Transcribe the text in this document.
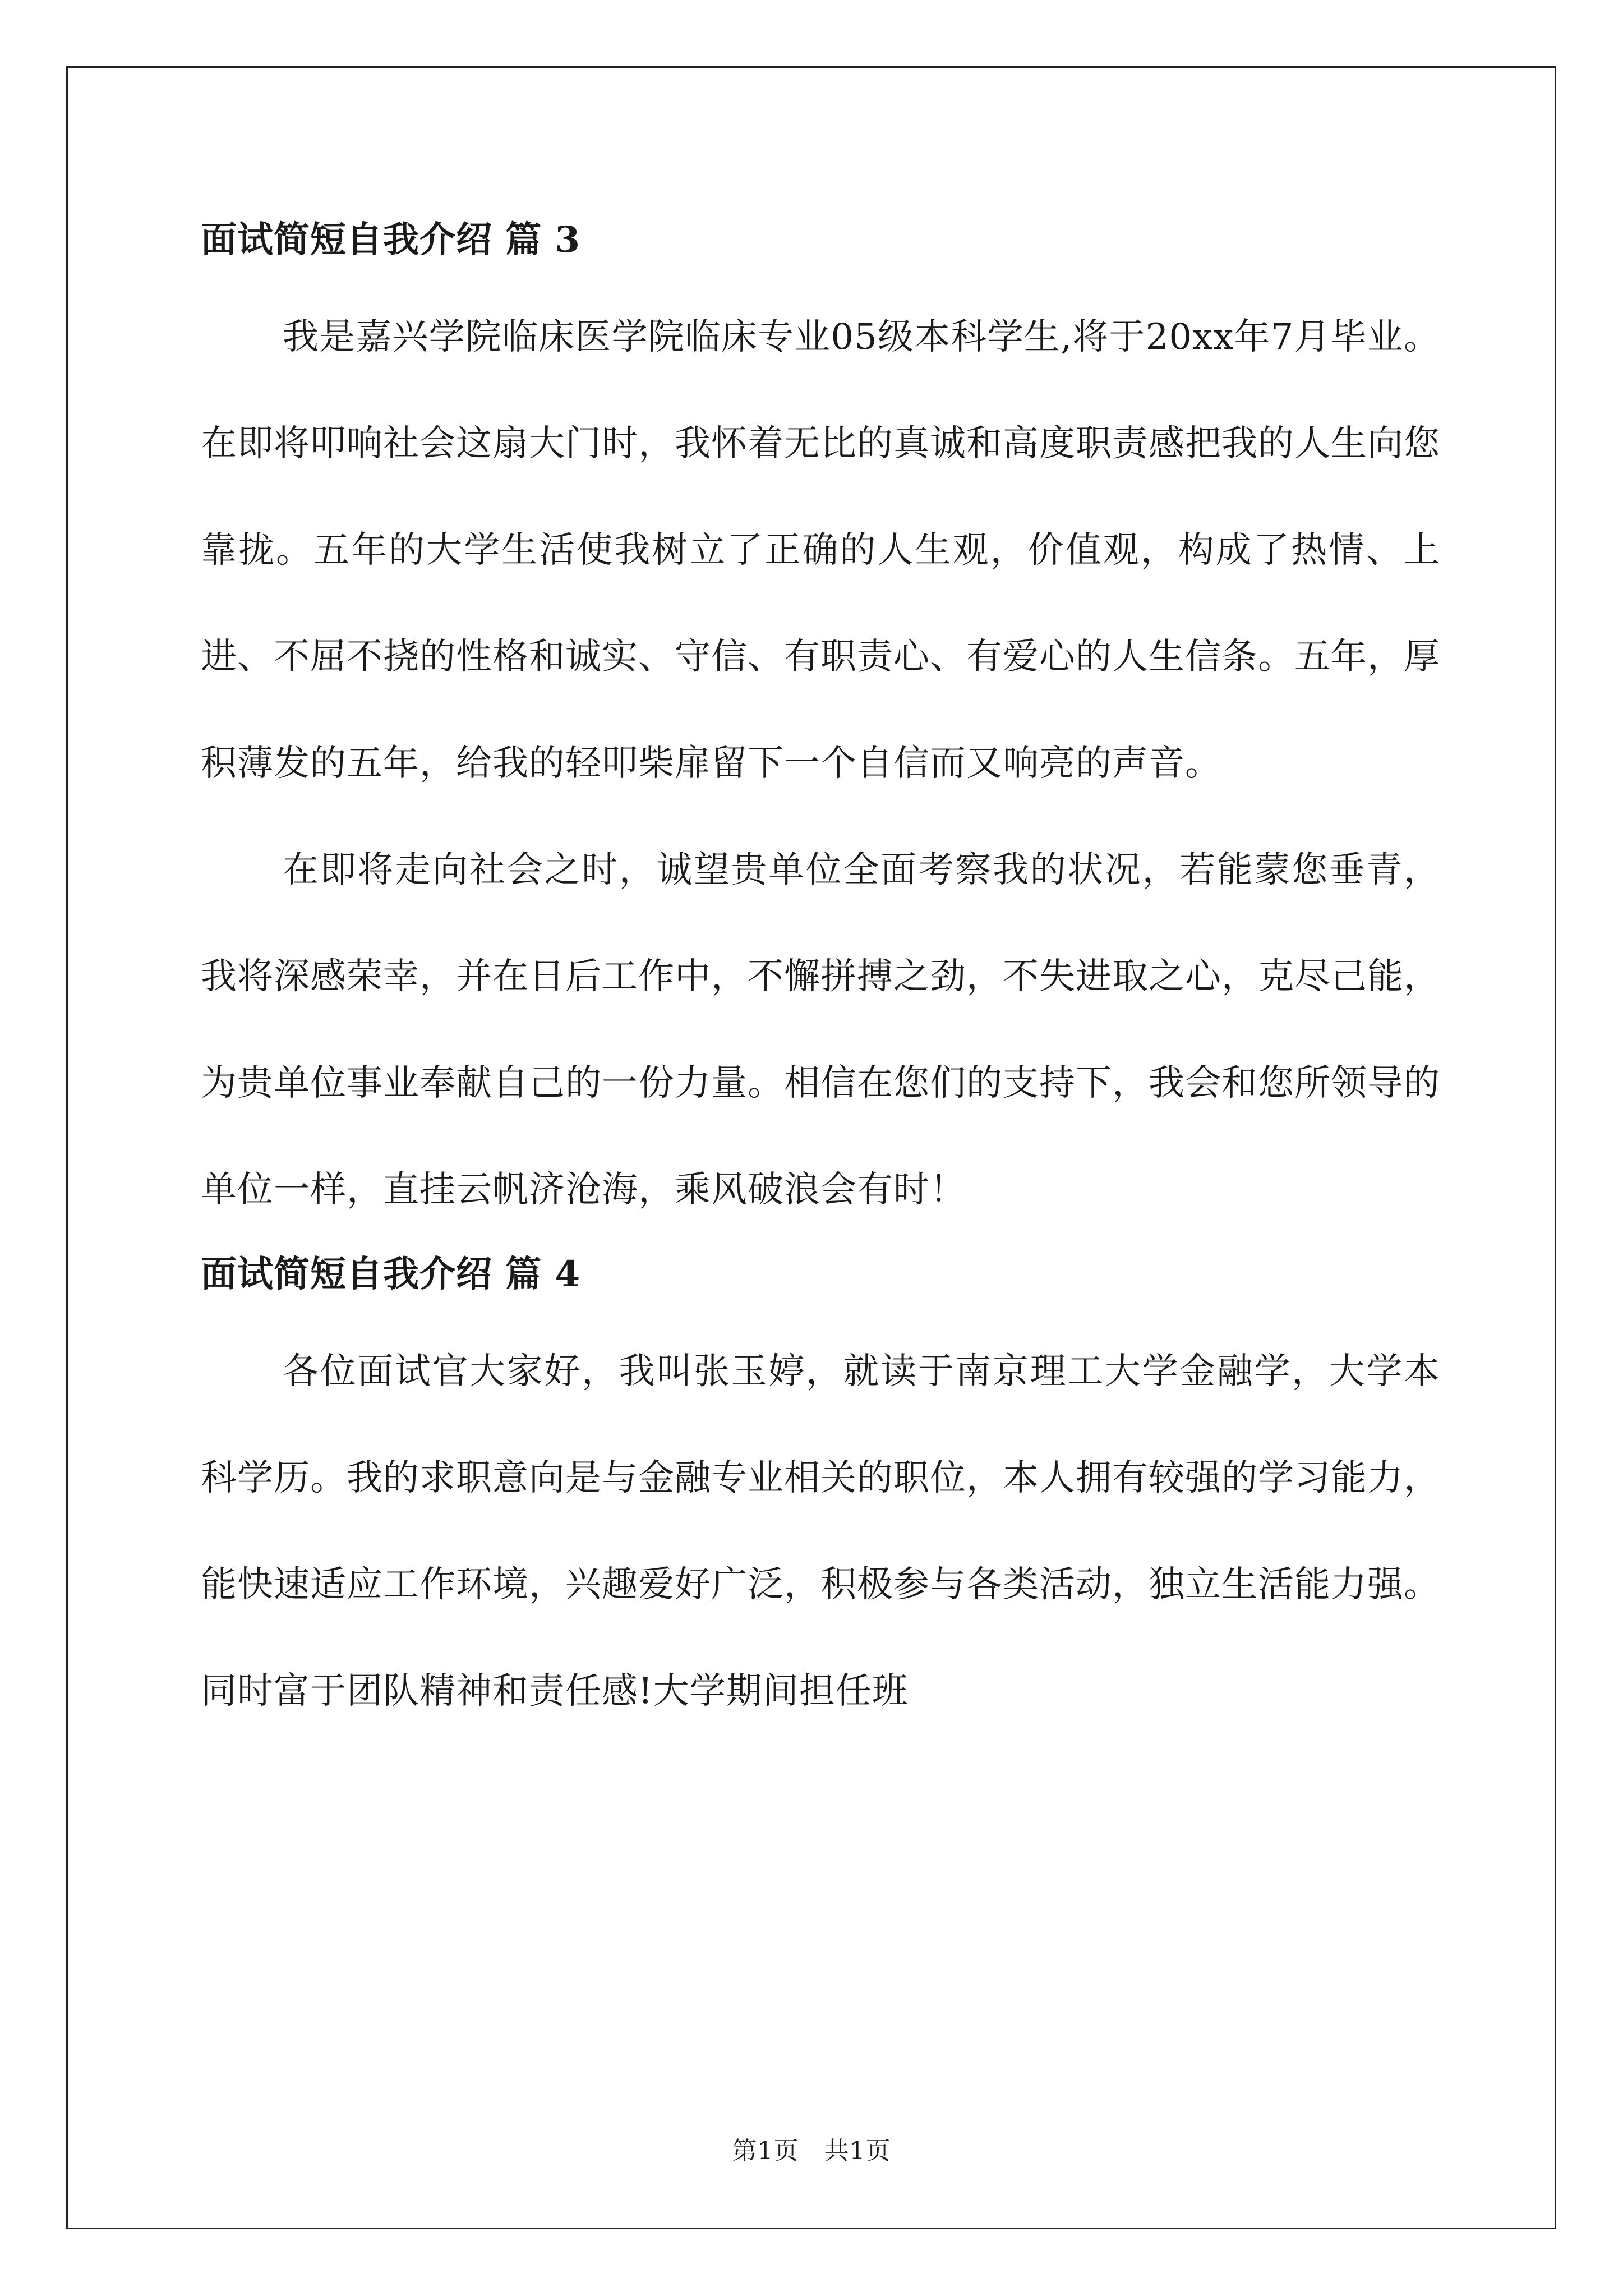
面试简短自我介绍 篇 3

我是嘉兴学院临床医学院临床专业05级本科学生,将于20xx年7月毕业。在即将叩响社会这扇大门时，我怀着无比的真诚和高度职责感把我的人生向您靠拢。五年的大学生活使我树立了正确的人生观，价值观，构成了热情、上进、不屈不挠的性格和诚实、守信、有职责心、有爱心的人生信条。五年，厚积薄发的五年，给我的轻叩柴扉留下一个自信而又响亮的声音。

在即将走向社会之时，诚望贵单位全面考察我的状况，若能蒙您垂青，我将深感荣幸，并在日后工作中，不懈拼搏之劲，不失进取之心，克尽己能，为贵单位事业奉献自己的一份力量。相信在您们的支持下，我会和您所领导的单位一样，直挂云帆济沧海，乘风破浪会有时！

面试简短自我介绍 篇 4

各位面试官大家好，我叫张玉婷，就读于南京理工大学金融学，大学本科学历。我的求职意向是与金融专业相关的职位，本人拥有较强的学习能力，能快速适应工作环境，兴趣爱好广泛，积极参与各类活动，独立生活能力强。同时富于团队精神和责任感!大学期间担任班

第1页　共1页
